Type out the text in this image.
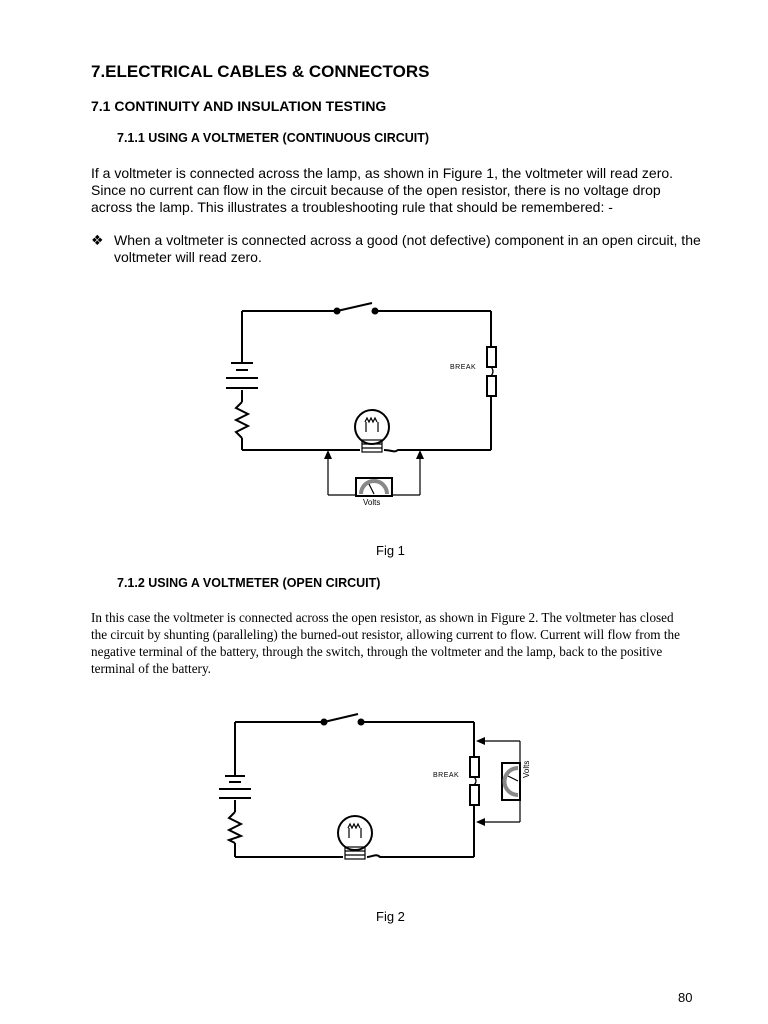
7.ELECTRICAL CABLES & CONNECTORS
7.1 CONTINUITY AND INSULATION TESTING
7.1.1 USING A VOLTMETER (CONTINUOUS CIRCUIT)

If a voltmeter is connected across the lamp, as shown in Figure 1, the voltmeter will read zero. Since no current can flow in the circuit because of the open resistor, there is no voltage drop across the lamp. This illustrates a troubleshooting rule that should be remembered: -

❖ When a voltmeter is connected across a good (not defective) component in an open circuit, the voltmeter will read zero.
BREAK
Volts
Fig 1
7.1.2 USING A VOLTMETER (OPEN CIRCUIT)

In this case the voltmeter is connected across the open resistor, as shown in Figure 2. The voltmeter has closed the circuit by shunting (paralleling) the burned-out resistor, allowing current to flow. Current will flow from the negative terminal of the battery, through the switch, through the voltmeter and the lamp, back to the positive terminal of the battery.

BREAK	Volts
Fig 2
80
